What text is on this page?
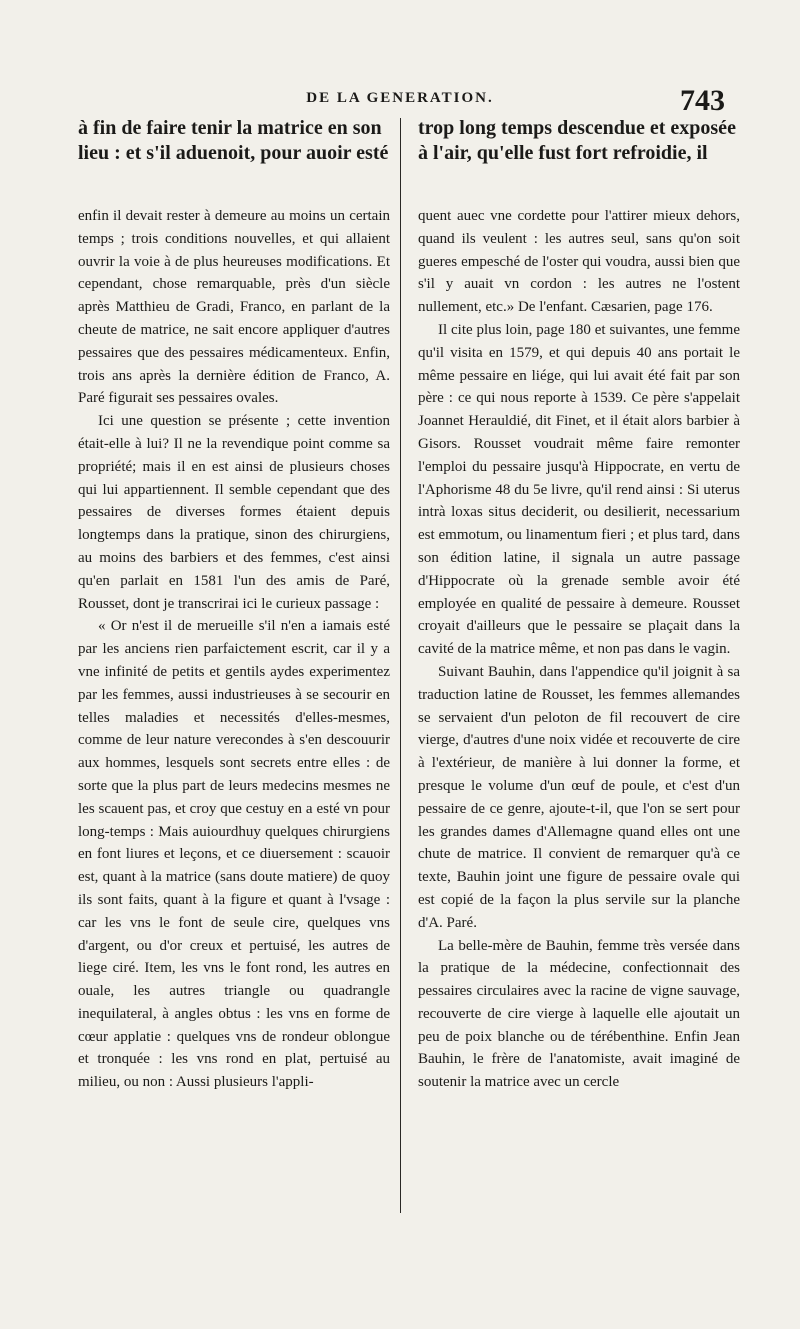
DE LA GENERATION.	743

à fin de faire tenir la matrice en son lieu : et s'il aduenoit, pour auoir esté

enfin il devait rester à demeure au moins un certain temps ; trois conditions nouvelles, et qui allaient ouvrir la voie à de plus heureuses modifications. Et cependant, chose remarquable, près d'un siècle après Matthieu de Gradi, Franco, en parlant de la cheute de matrice, ne sait encore appliquer d'autres pessaires que des pessaires médicamenteux. Enfin, trois ans après la dernière édition de Franco, A. Paré figurait ses pessaires ovales.

Ici une question se présente ; cette invention était-elle à lui? Il ne la revendique point comme sa propriété; mais il en est ainsi de plusieurs choses qui lui appartiennent. Il semble cependant que des pessaires de diverses formes étaient depuis longtemps dans la pratique, sinon des chirurgiens, au moins des barbiers et des femmes, c'est ainsi qu'en parlait en 1581 l'un des amis de Paré, Rousset, dont je transcrirai ici le curieux passage :

« Or n'est il de merueille s'il n'en a iamais esté par les anciens rien parfaictement escrit, car il y a vne infinité de petits et gentils aydes experimentez par les femmes, aussi industrieuses à se secourir en telles maladies et necessités d'elles-mesmes, comme de leur nature verecondes à s'en descouurir aux hommes, lesquels sont secrets entre elles : de sorte que la plus part de leurs medecins mesmes ne les scauent pas, et croy que cestuy en a esté vn pour long-temps : Mais auiourdhuy quelques chirurgiens en font liures et leçons, et ce diuersement : scauoir est, quant à la matrice (sans doute matiere) de quoy ils sont faits, quant à la figure et quant à l'vsage : car les vns le font de seule cire, quelques vns d'argent, ou d'or creux et pertuisé, les autres de liege ciré. Item, les vns le font rond, les autres en ouale, les autres triangle ou quadrangle inequilateral, à angles obtus : les vns en forme de cœur applatie : quelques vns de rondeur oblongue et tronquée : les vns rond en plat, pertuisé au milieu, ou non : Aussi plusieurs l'appli-

trop long temps descendue et exposée à l'air, qu'elle fust fort refroidie, il

quent auec vne cordette pour l'attirer mieux dehors, quand ils veulent : les autres seul, sans qu'on soit gueres empesché de l'oster qui voudra, aussi bien que s'il y auait vn cordon : les autres ne l'ostent nullement, etc.» De l'enfant. Cæsarien, page 176.

Il cite plus loin, page 180 et suivantes, une femme qu'il visita en 1579, et qui depuis 40 ans portait le même pessaire en liége, qui lui avait été fait par son père : ce qui nous reporte à 1539. Ce père s'appelait Joannet Herauldié, dit Finet, et il était alors barbier à Gisors. Rousset voudrait même faire remonter l'emploi du pessaire jusqu'à Hippocrate, en vertu de l'Aphorisme 48 du 5e livre, qu'il rend ainsi : Si uterus intrà loxas situs deciderit, ou desilierit, necessarium est emmotum, ou linamentum fieri ; et plus tard, dans son édition latine, il signala un autre passage d'Hippocrate où la grenade semble avoir été employée en qualité de pessaire à demeure. Rousset croyait d'ailleurs que le pessaire se plaçait dans la cavité de la matrice même, et non pas dans le vagin.

Suivant Bauhin, dans l'appendice qu'il joignit à sa traduction latine de Rousset, les femmes allemandes se servaient d'un peloton de fil recouvert de cire vierge, d'autres d'une noix vidée et recouverte de cire à l'extérieur, de manière à lui donner la forme, et presque le volume d'un œuf de poule, et c'est d'un pessaire de ce genre, ajoute-t-il, que l'on se sert pour les grandes dames d'Allemagne quand elles ont une chute de matrice. Il convient de remarquer qu'à ce texte, Bauhin joint une figure de pessaire ovale qui est copié de la façon la plus servile sur la planche d'A. Paré.

La belle-mère de Bauhin, femme très versée dans la pratique de la médecine, confectionnait des pessaires circulaires avec la racine de vigne sauvage, recouverte de cire vierge à laquelle elle ajoutait un peu de poix blanche ou de térébenthine. Enfin Jean Bauhin, le frère de l'anatomiste, avait imaginé de soutenir la matrice avec un cercle
